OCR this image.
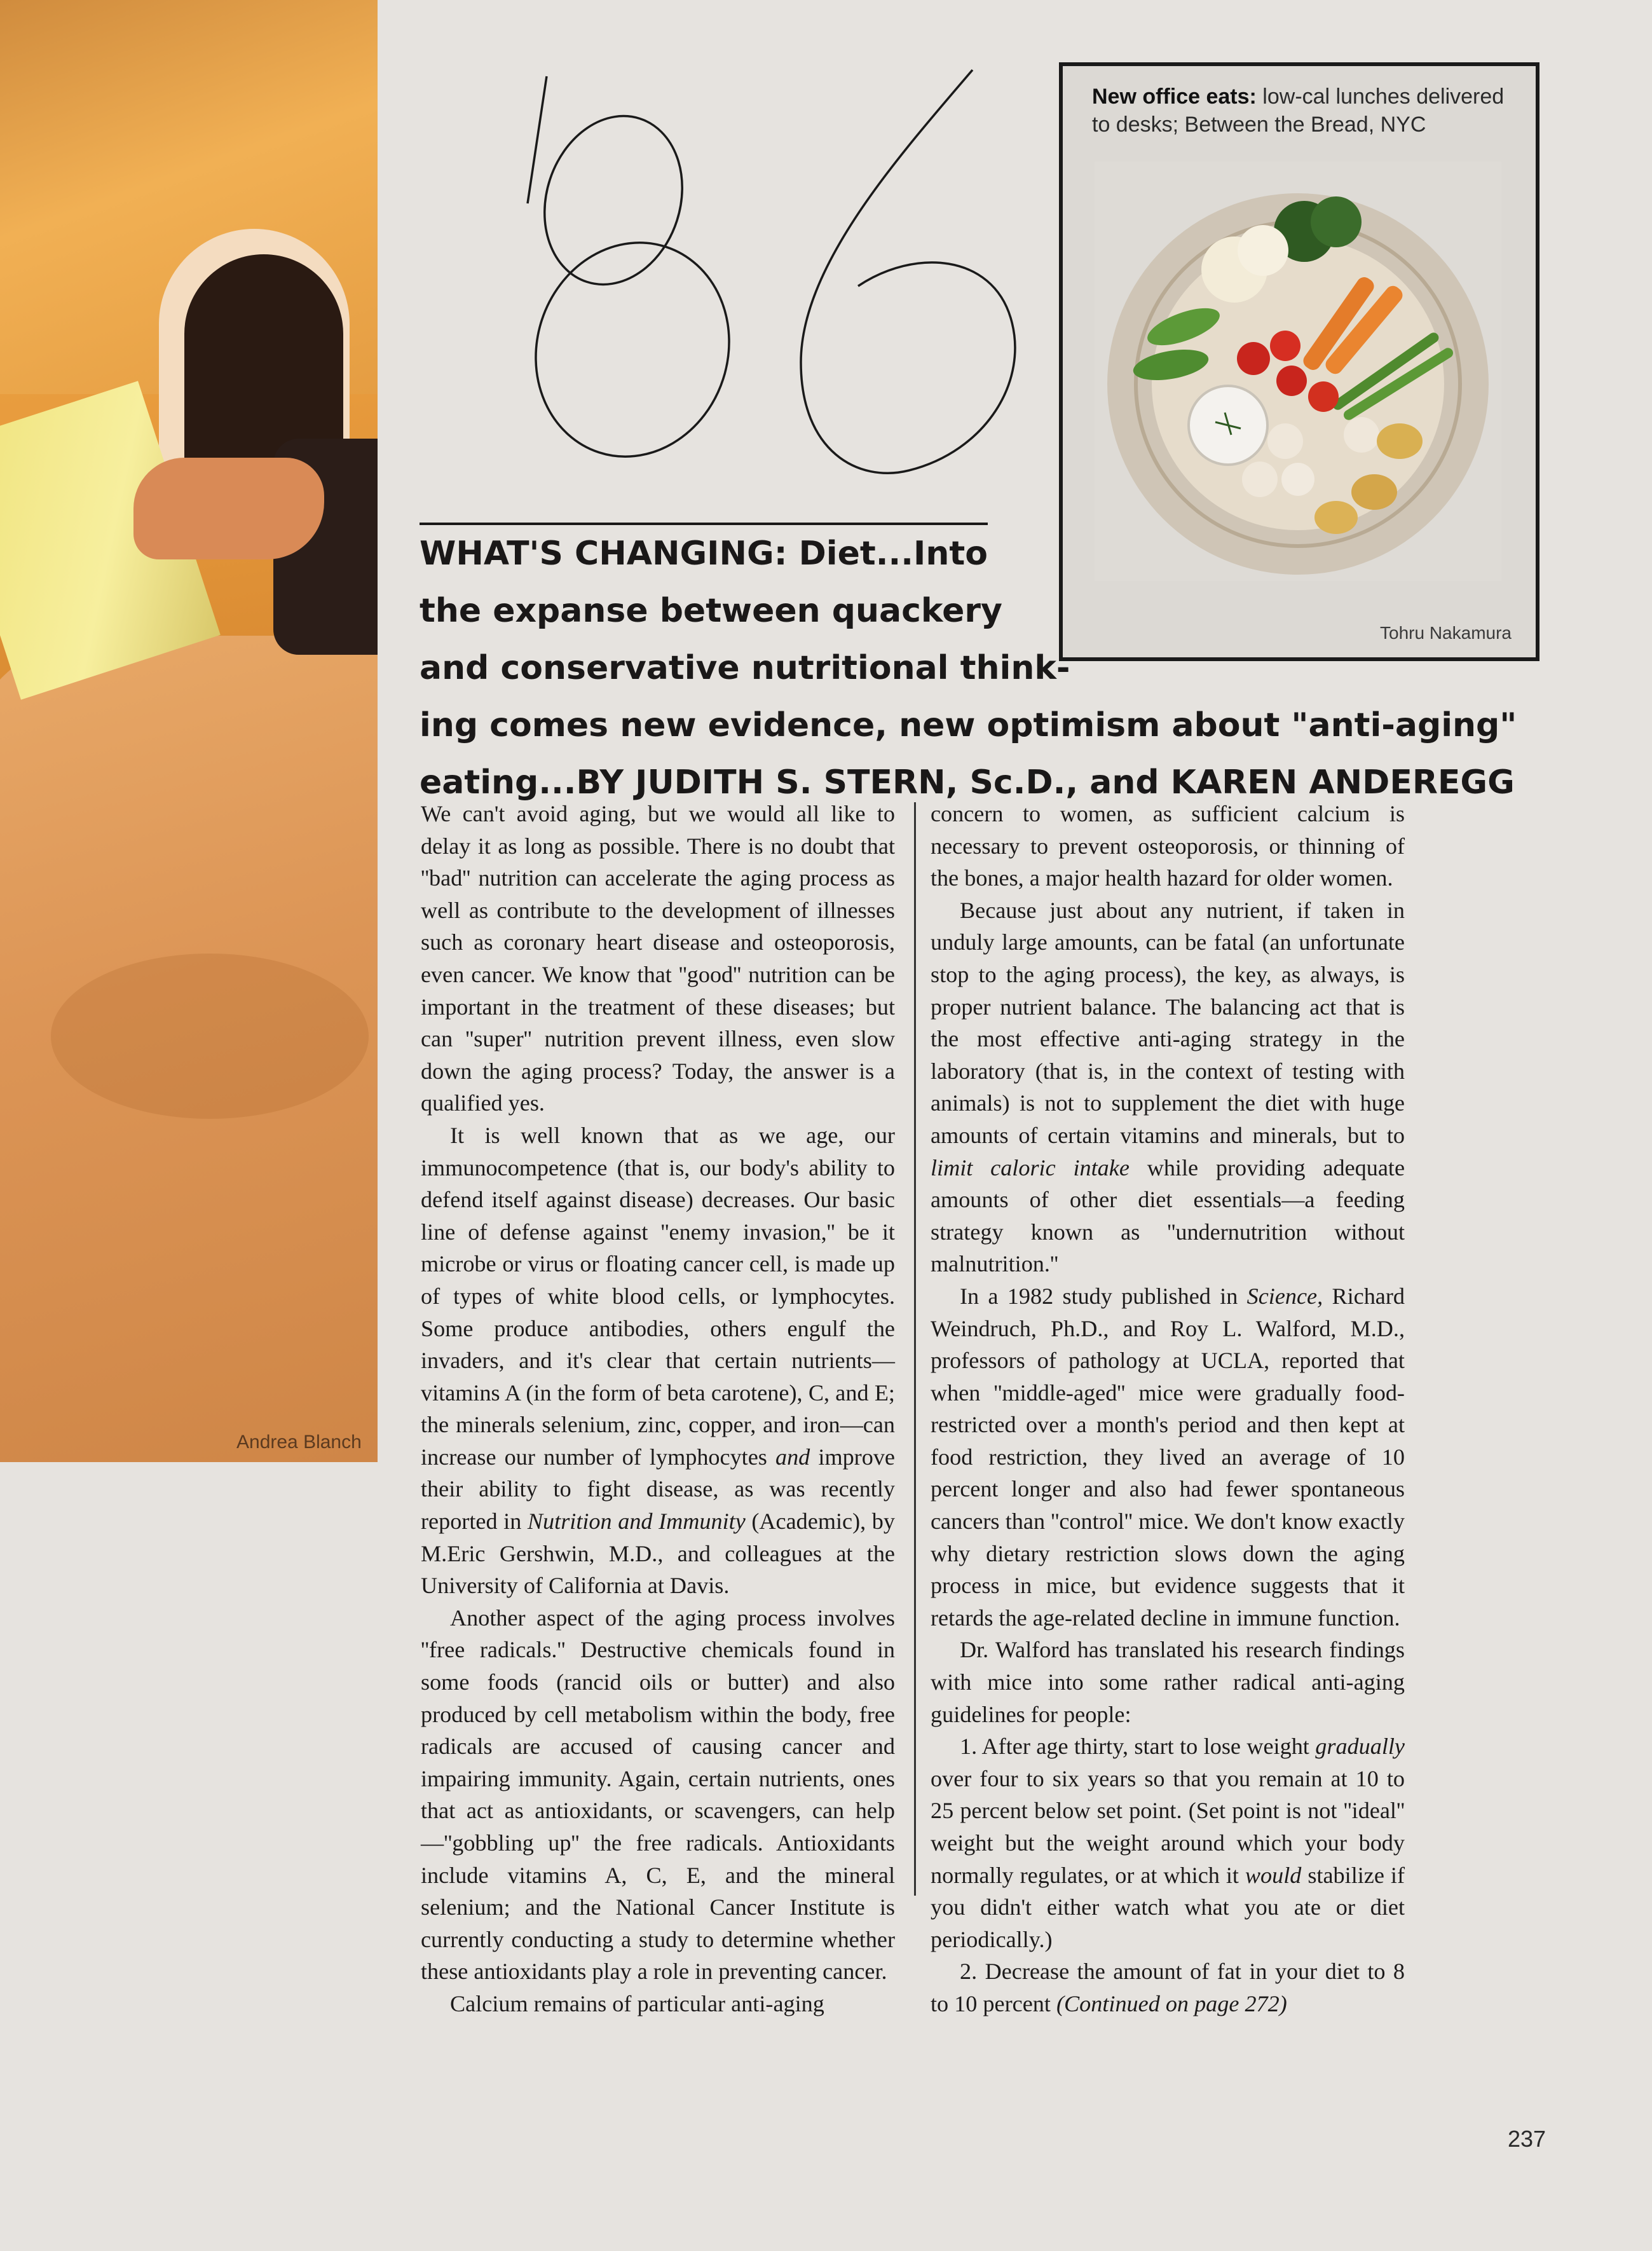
Andrea Blanch
New office eats: low-cal lunches delivered to desks; Between the Bread, NYC
Tohru Nakamura
WHAT'S CHANGING: Diet...Into
the expanse between quackery
and conservative nutritional think-
ing comes new evidence, new optimism about "anti-aging"
eating...BY JUDITH S. STERN, Sc.D., and KAREN ANDEREGG

We can't avoid aging, but we would all like to delay it as long as possible. There is no doubt that ''bad'' nutrition can accelerate the aging process as well as contribute to the development of illnesses such as coronary heart disease and osteoporosis, even cancer. We know that ''good'' nutrition can be important in the treatment of these diseases; but can ''super'' nutrition prevent illness, even slow down the aging process? Today, the answer is a qualified yes.

It is well known that as we age, our immunocompetence (that is, our body's ability to defend itself against disease) decreases. Our basic line of defense against ''enemy invasion,'' be it microbe or virus or floating cancer cell, is made up of types of white blood cells, or lymphocytes. Some produce antibodies, others engulf the invaders, and it's clear that certain nutrients—vitamins A (in the form of beta carotene), C, and E; the minerals selenium, zinc, copper, and iron—can increase our number of lymphocytes and improve their ability to fight disease, as was recently reported in Nutrition and Immunity (Academic), by M.Eric Gershwin, M.D., and colleagues at the University of California at Davis.

Another aspect of the aging process involves ''free radicals.'' Destructive chemicals found in some foods (rancid oils or butter) and also produced by cell metabolism within the body, free radicals are accused of causing cancer and impairing immunity. Again, certain nutrients, ones that act as antioxidants, or scavengers, can help—''gobbling up'' the free radicals. Antioxidants include vitamins A, C, E, and the mineral selenium; and the National Cancer Institute is currently conducting a study to determine whether these antioxidants play a role in preventing cancer.

Calcium remains of particular anti-aging

concern to women, as sufficient calcium is necessary to prevent osteoporosis, or thinning of the bones, a major health hazard for older women.

Because just about any nutrient, if taken in unduly large amounts, can be fatal (an unfortunate stop to the aging process), the key, as always, is proper nutrient balance. The balancing act that is the most effective anti-aging strategy in the laboratory (that is, in the context of testing with animals) is not to supplement the diet with huge amounts of certain vitamins and minerals, but to limit caloric intake while providing adequate amounts of other diet essentials—a feeding strategy known as ''undernutrition without malnutrition.''

In a 1982 study published in Science, Richard Weindruch, Ph.D., and Roy L. Walford, M.D., professors of pathology at UCLA, reported that when ''middle-aged'' mice were gradually food-restricted over a month's period and then kept at food restriction, they lived an average of 10 percent longer and also had fewer spontaneous cancers than ''control'' mice. We don't know exactly why dietary restriction slows down the aging process in mice, but evidence suggests that it retards the age-related decline in immune function.

Dr. Walford has translated his research findings with mice into some rather radical anti-aging guidelines for people:

1. After age thirty, start to lose weight gradually over four to six years so that you remain at 10 to 25 percent below set point. (Set point is not ''ideal'' weight but the weight around which your body normally regulates, or at which it would stabilize if you didn't either watch what you ate or diet periodically.)

2. Decrease the amount of fat in your diet to 8 to 10 percent (Continued on page 272)

237
